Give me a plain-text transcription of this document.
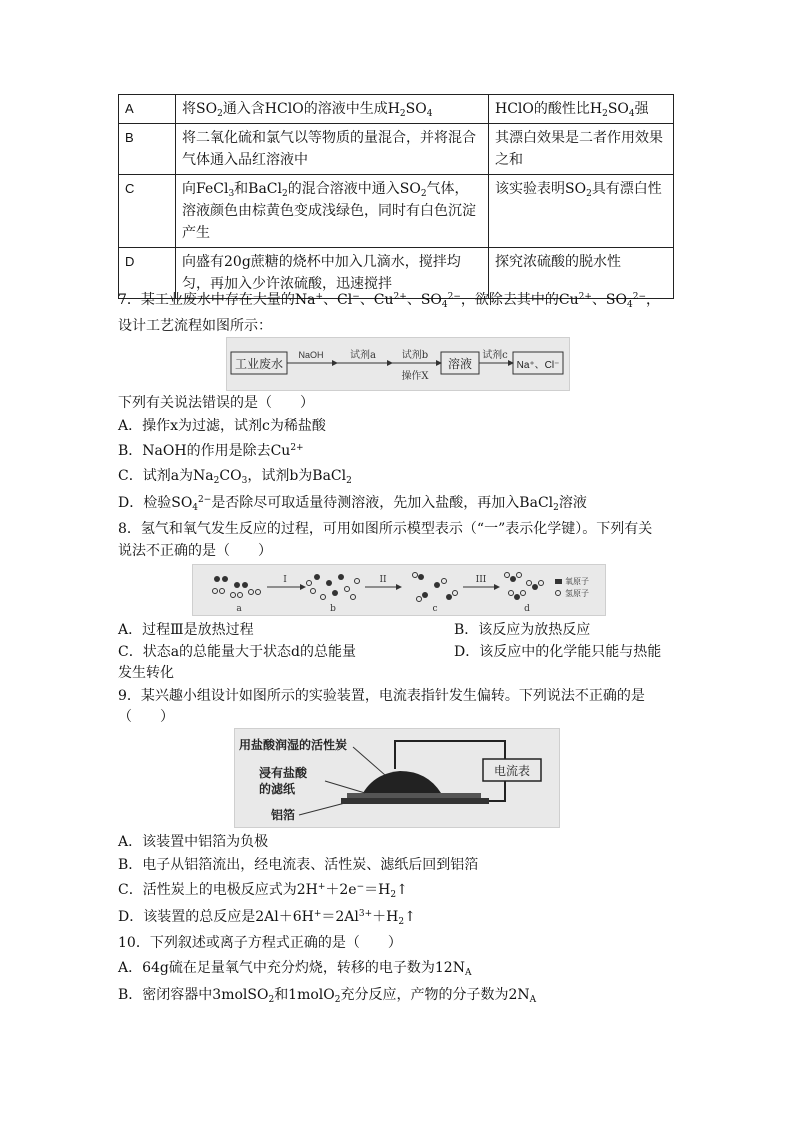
A	将$SO_2$通入含HClO的溶液中生成$H_2SO_4$	HClO的酸性比$H_2SO_4$强
B	将二氧化硫和氯气以等物质的量混合，并将混合气体通入品红溶液中	其漂白效果是二者作用效果之和
C	向FeCl$_3$和BaCl$_2$的混合溶液中通入$SO_2$气体，溶液颜色由棕黄色变成浅绿色，同时有白色沉淀产生	该实验表明$SO_2$具有漂白性
D	向盛有20g蔗糖的烧杯中加入几滴水，搅拌均匀，再加入少许浓硫酸，迅速搅拌	探究浓硫酸的脱水性
7．某工业废水中存在大量的Na+、Cl−、$Cu^{2+}$、$SO_4^{2-}$，欲除去其中的$Cu^{2+}$、$SO_4^{2-}$，
设计工艺流程如图所示：
工业废水
NaOH	试剂a	试剂b
操作X
溶液
试剂c
Na⁺、Cl⁻
下列有关说法错误的是（　　）
A．操作x为过滤，试剂c为稀盐酸
B．NaOH的作用是除去$Cu^{2+}$
C．试剂a为$Na_2CO_3$，试剂b为BaCl$_2$
D．检验$SO_4^{2-}$是否除尽可取适量待测溶液，先加入盐酸，再加入BaCl$_2$溶液
8．氢气和氧气发生反应的过程，可用如图所示模型表示（“一”表示化学键）。下列有关
说法不正确的是（　　）
a
I
b
II
c
III
d
氧原子
氢原子
A．过程Ⅲ是放热过程	B．该反应为放热反应
C．状态a的总能量大于状态d的总能量	D．该反应中的化学能只能与热能
发生转化
9．某兴趣小组设计如图所示的实验装置，电流表指针发生偏转。下列说法不正确的是
（　　）
电流表
用盐酸润湿的活性炭
浸有盐酸
的滤纸
铝箔
A．该装置中铝箔为负极
B．电子从铝箔流出，经电流表、活性炭、滤纸后回到铝箔
C．活性炭上的电极反应式为$2H^++2e^-=H_2↑$
D．该装置的总反应是$2Al+6H^+=2Al^{3+}+H_2↑$
10．下列叙述或离子方程式正确的是（　　）
A．64g硫在足量氧气中充分灼烧，转移的电子数为$12N_A$
B．密闭容器中3molSO$_2$和1molO$_2$充分反应，产物的分子数为$2N_A$
